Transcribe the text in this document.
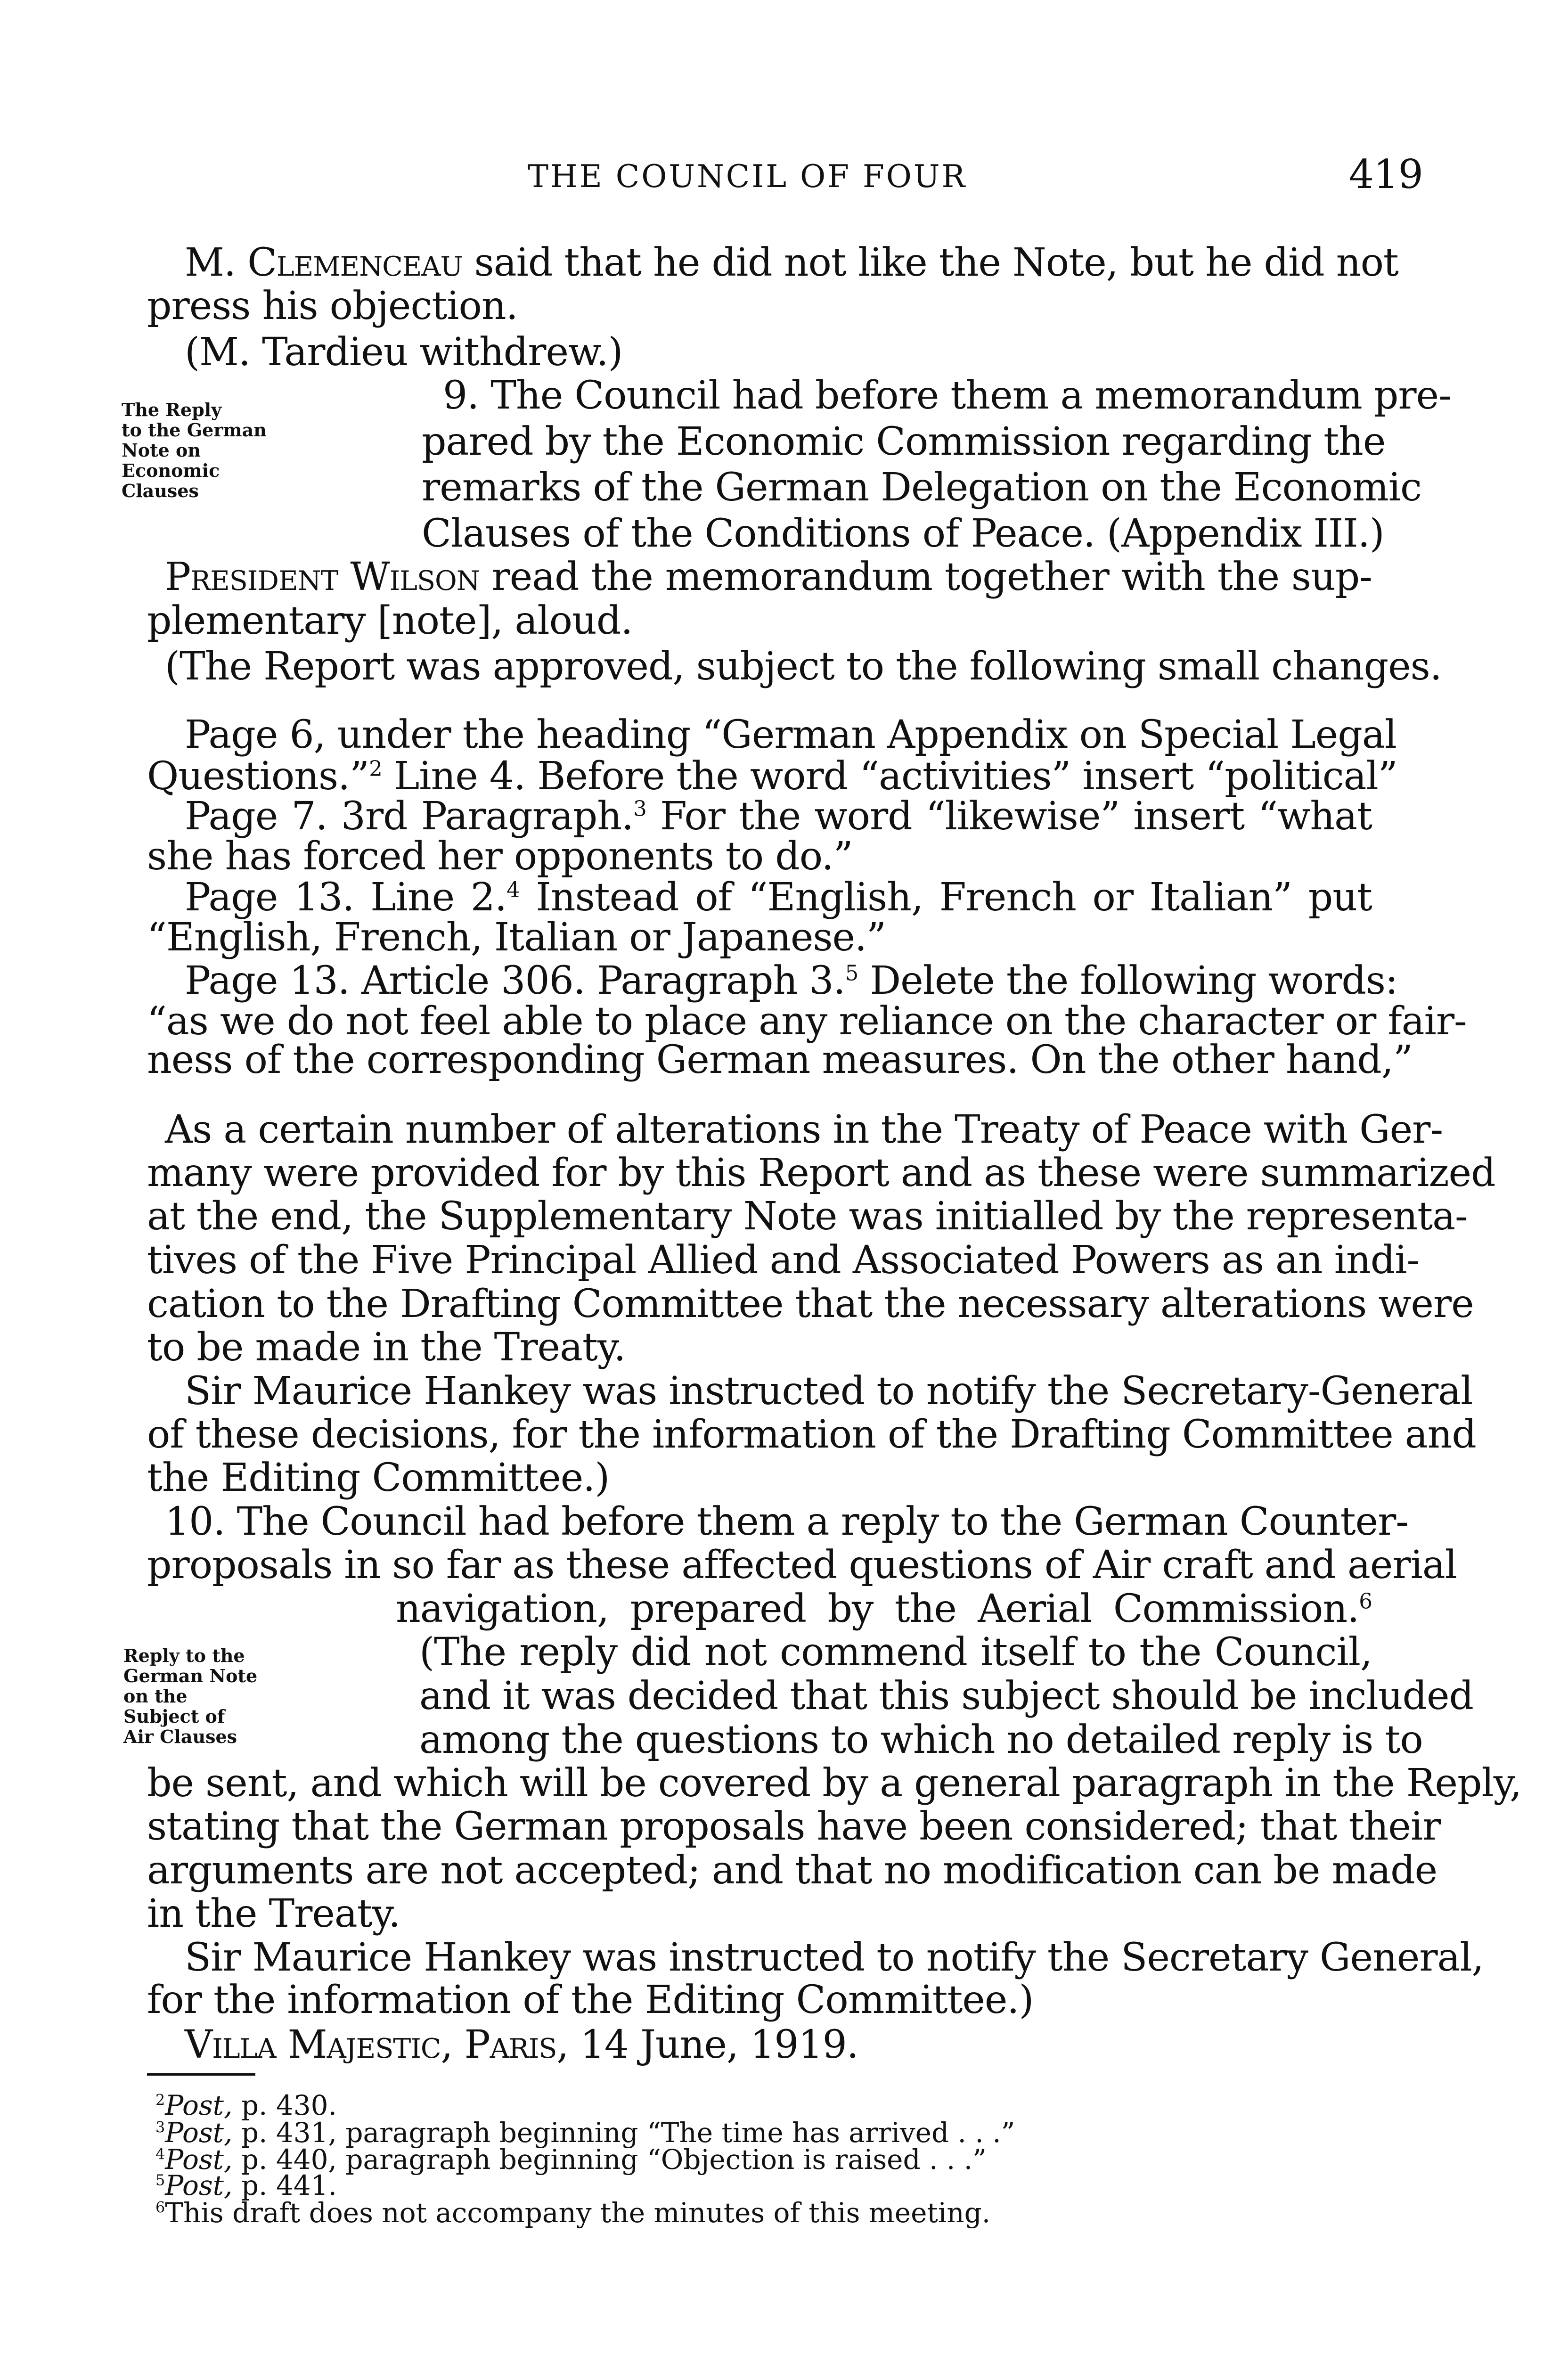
THE COUNCIL OF FOUR	419
M. Clemenceau said that he did not like the Note, but he did not
press his objection.
(M. Tardieu withdrew.)
9. The Council had before them a memorandum pre-
pared by the Economic Commission regarding the
remarks of the German Delegation on the Economic
Clauses of the Conditions of Peace. (Appendix III.)
President Wilson read the memorandum together with the sup-
plementary [note], aloud.
(The Report was approved, subject to the following small changes.
Page 6, under the heading “German Appendix on Special Legal
Questions.”$^2$ Line 4. Before the word “activities” insert “political”
Page 7. 3rd Paragraph.$^3$ For the word “likewise” insert “what
she has forced her opponents to do.”
Page 13. Line 2.$^4$ Instead of “English, French or Italian” put
“English, French, Italian or Japanese.”
Page 13. Article 306. Paragraph 3.$^5$ Delete the following words:
“as we do not feel able to place any reliance on the character or fair-
ness of the corresponding German measures. On the other hand,”
As a certain number of alterations in the Treaty of Peace with Ger-
many were provided for by this Report and as these were summarized
at the end, the Supplementary Note was initialled by the representa-
tives of the Five Principal Allied and Associated Powers as an indi-
cation to the Drafting Committee that the necessary alterations were
to be made in the Treaty.
Sir Maurice Hankey was instructed to notify the Secretary-General
of these decisions, for the information of the Drafting Committee and
the Editing Committee.)
10. The Council had before them a reply to the German Counter-
proposals in so far as these affected questions of Air craft and aerial
navigation, prepared by the Aerial Commission.$^6$
(The reply did not commend itself to the Council,
and it was decided that this subject should be included
among the questions to which no detailed reply is to
be sent, and which will be covered by a general paragraph in the Reply,
stating that the German proposals have been considered; that their
arguments are not accepted; and that no modification can be made
in the Treaty.
Sir Maurice Hankey was instructed to notify the Secretary General,
for the information of the Editing Committee.)
Villa Majestic, Paris, 14 June, 1919.
The Reply
to the German
Note on
Economic
Clauses
Reply to the
German Note
on the
Subject of
Air Clauses
$^2$Post, p. 430.
$^3$Post, p. 431, paragraph beginning “The time has arrived . . .”
$^4$Post, p. 440, paragraph beginning “Objection is raised . . .”
$^5$Post, p. 441.
$^6$This draft does not accompany the minutes of this meeting.
